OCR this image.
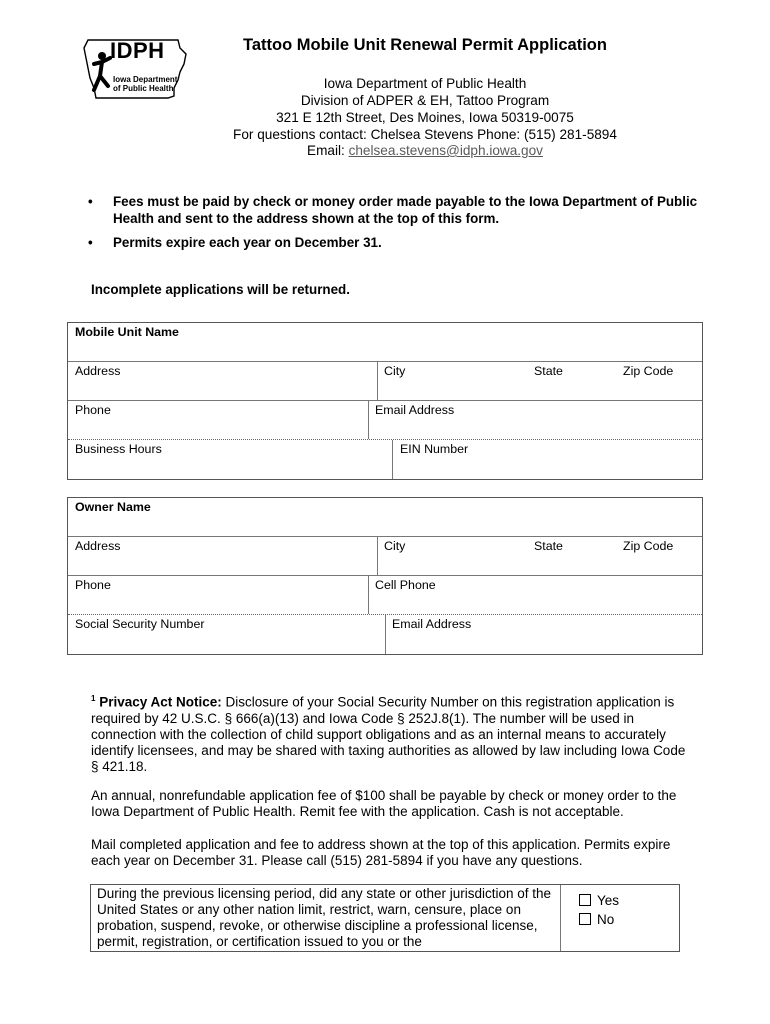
IDPH
Iowa Department
of Public Health
Tattoo Mobile Unit Renewal Permit Application
Iowa Department of Public Health
Division of ADPER & EH, Tattoo Program
321 E 12th Street, Des Moines, Iowa 50319-0075
For questions contact: Chelsea Stevens Phone: (515) 281-5894
Email: chelsea.stevens@idph.iowa.gov
• Fees must be paid by check or money order made payable to the Iowa Department of Public Health and sent to the address shown at the top of this form.
• Permits expire each year on December 31.
Incomplete applications will be returned.
Mobile Unit Name
Address	City	State	Zip Code
Phone	Email Address
Business Hours	EIN Number
Owner Name
Address	City	State	Zip Code
Phone	Cell Phone
Social Security Number	Email Address
$^1$ Privacy Act Notice: Disclosure of your Social Security Number on this registration application is required by 42 U.S.C. § 666(a)(13) and Iowa Code § 252J.8(1). The number will be used in connection with the collection of child support obligations and as an internal means to accurately identify licensees, and may be shared with taxing authorities as allowed by law including Iowa Code § 421.18.
An annual, nonrefundable application fee of $100 shall be payable by check or money order to the Iowa Department of Public Health. Remit fee with the application. Cash is not acceptable.
Mail completed application and fee to address shown at the top of this application. Permits expire each year on December 31. Please call (515) 281-5894 if you have any questions.
During the previous licensing period, did any state or other jurisdiction of the United States or any other nation limit, restrict, warn, censure, place on probation, suspend, revoke, or otherwise discipline a professional license, permit, registration, or certification issued to you or the
Yes
No
